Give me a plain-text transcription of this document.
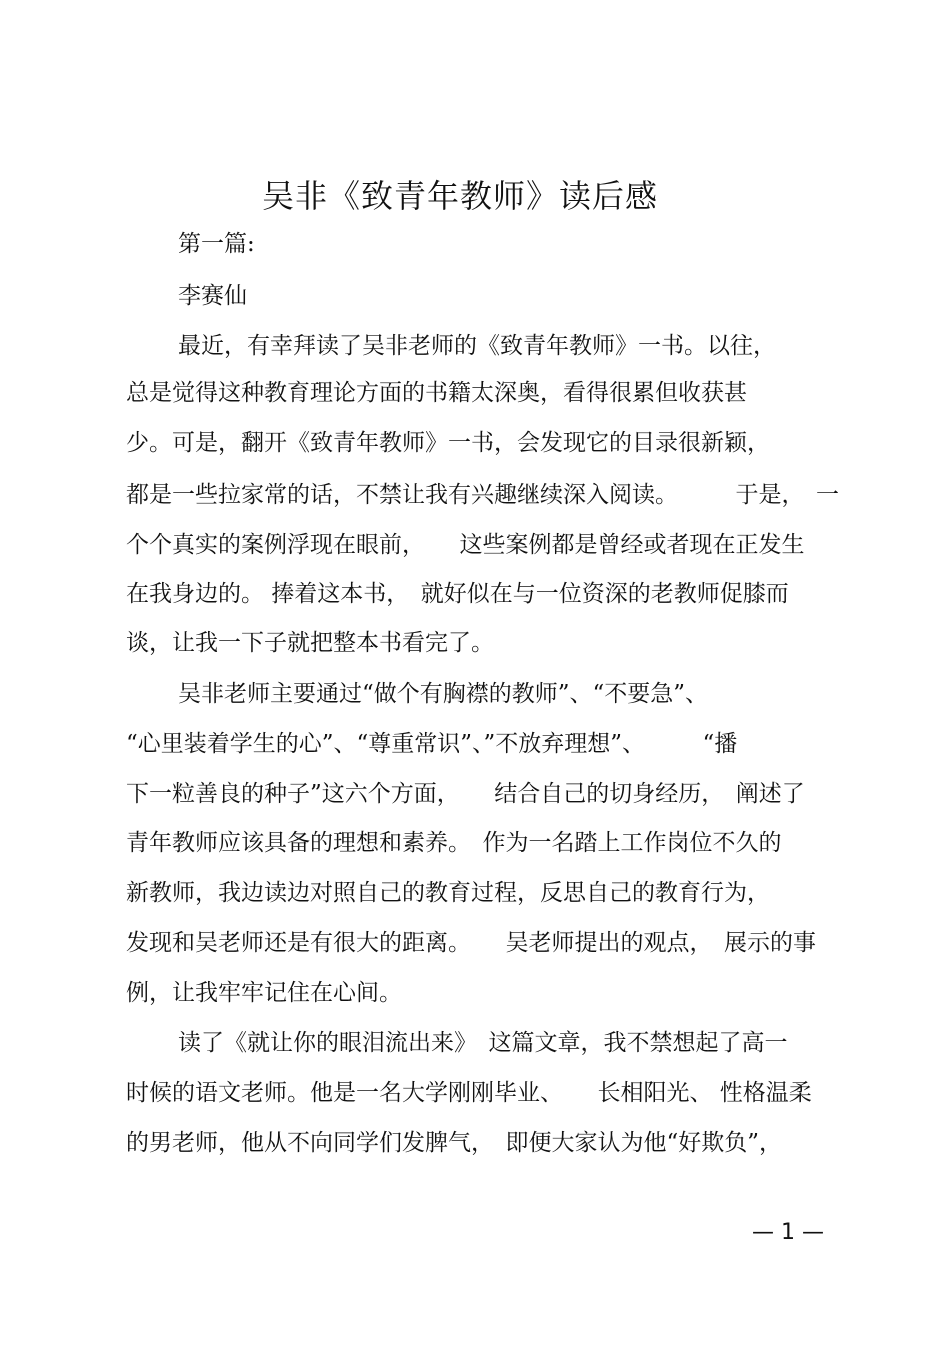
吴非《致青年教师》读后感

第一篇:

李赛仙

最近，有幸拜读了吴非老师的《致青年教师》一书。以往，

总是觉得这种教育理论方面的书籍太深奥，看得很累但收获甚

少。可是，翻开《致青年教师》一书，会发现它的目录很新颖，

都是一些拉家常的话，不禁让我有兴趣继续深入阅读。　　　于是，　一

个个真实的案例浮现在眼前，　　这些案例都是曾经或者现在正发生

在我身边的。 捧着这本书，　就好似在与一位资深的老教师促膝而

谈，让我一下子就把整本书看完了。

吴非老师主要通过“做个有胸襟的教师”、“不要急”、

“心里装着学生的心”、“尊重常识”、”不放弃理想”、　　　“播

下一粒善良的种子”这六个方面，　　结合自己的切身经历，　阐述了

青年教师应该具备的理想和素养。　作为一名踏上工作岗位不久的

新教师，我边读边对照自己的教育过程，反思自己的教育行为，

发现和吴老师还是有很大的距离。　　吴老师提出的观点，　展示的事

例，让我牢牢记住在心间。

读了《就让你的眼泪流出来》　这篇文章，我不禁想起了高一

时候的语文老师。他是一名大学刚刚毕业、　　长相阳光、 性格温柔

的男老师，他从不向同学们发脾气，　即便大家认为他“好欺负”，

— 1 —
